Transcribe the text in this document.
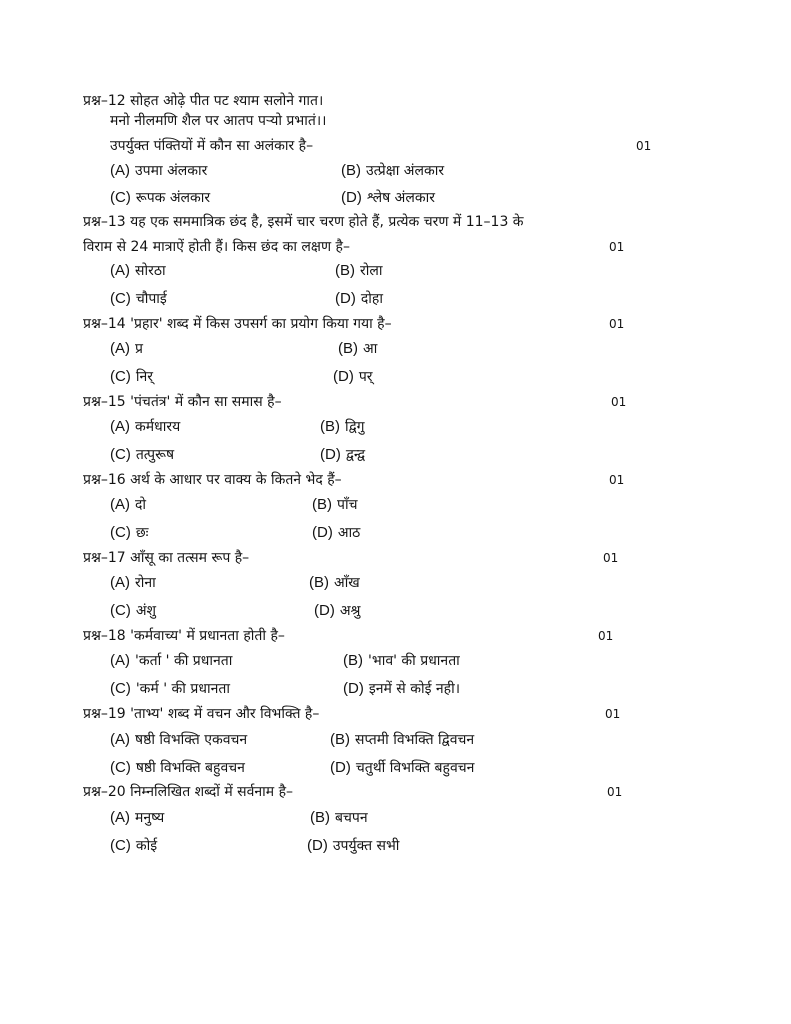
प्रश्न–12 सोहत ओढ़े पीत पट श्याम सलोने गात।
मनो नीलमणि शैल पर आतप पर्‍यो प्रभातं।।
उपर्युक्त पंक्तियों में कौन सा अलंकार है–	01
(A) उपमा अंलकार	(B) उत्प्रेक्षा अंलकार
(C) रूपक अंलकार	(D) श्लेष अंलकार
प्रश्न–13 यह एक सममात्रिक छंद है, इसमें चार चरण होते हैं, प्रत्येक चरण में 11–13 के
विराम से 24 मात्राऐं होती हैं। किस छंद का लक्षण है–	01
(A) सोरठा	(B) रोला
(C) चौपाई	(D) दोहा
प्रश्न–14 'प्रहार' शब्द में किस उपसर्ग का प्रयोग किया गया है–	01
(A) प्र	(B) आ
(C) निर्	(D) पर्
प्रश्न–15 'पंचतंत्र' में कौन सा समास है–	01
(A) कर्मधारय	(B) द्विगु
(C) तत्पुरूष	(D) द्वन्द्व
प्रश्न–16 अर्थ के आधार पर वाक्य के कितने भेद हैं–	01
(A) दो	(B) पाँच
(C) छः	(D) आठ
प्रश्न–17 आँसू का तत्सम रूप है–	01
(A) रोना	(B) आँख
(C) अंशु	(D) अश्रु
प्रश्न–18 'कर्मवाच्य' में प्रधानता होती है–	01
(A) 'कर्ता ' की प्रधानता	(B) 'भाव' की प्रधानता
(C) 'कर्म ' की प्रधानता	(D) इनमें से कोई नही।
प्रश्न–19 'ताभ्य' शब्द में वचन और विभक्ति है–	01
(A) षष्ठी विभक्ति एकवचन	(B) सप्तमी विभक्ति द्विवचन
(C) षष्ठी विभक्ति बहुवचन	(D) चतुर्थी विभक्ति बहुवचन
प्रश्न–20 निम्नलिखित शब्दों में सर्वनाम है–	01
(A) मनुष्य	(B) बचपन
(C) कोई	(D) उपर्युक्त सभी
